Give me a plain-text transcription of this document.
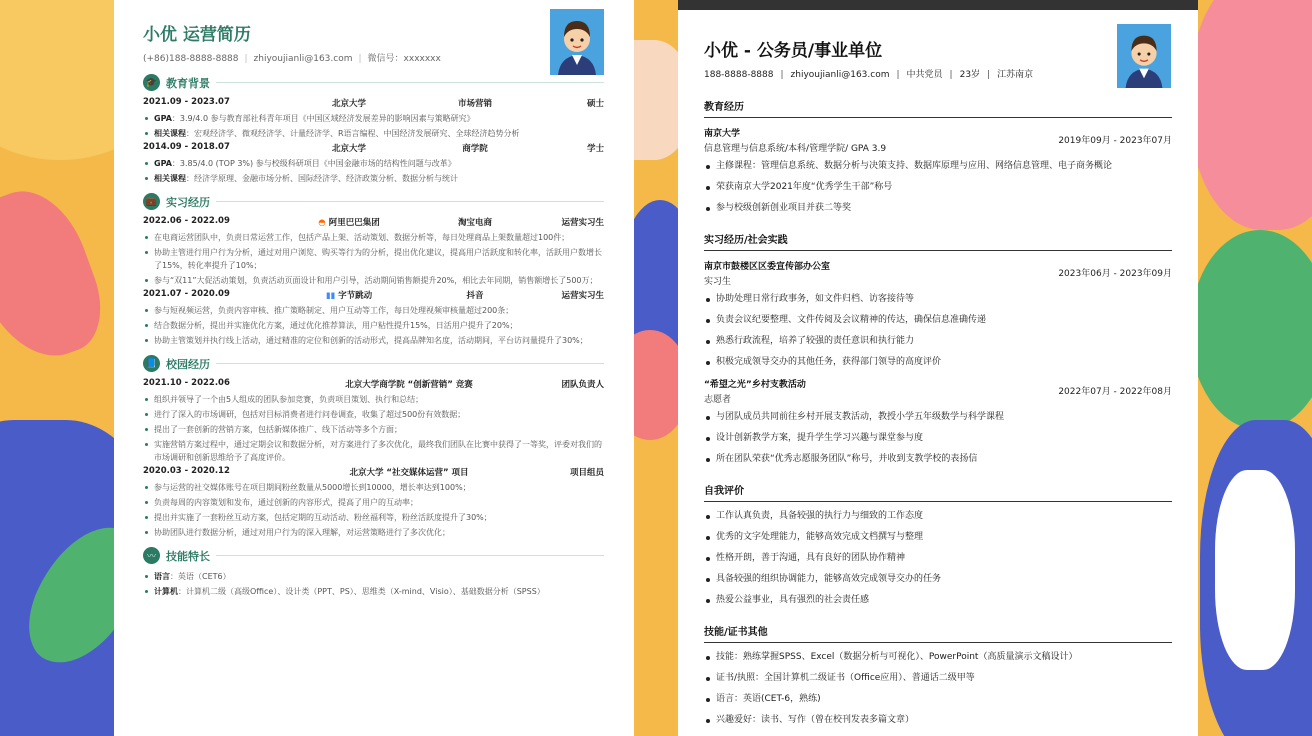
小优 运营简历
(+86)188-8888-8888 | zhiyoujianli@163.com | 微信号：xxxxxxx
🎓 教育背景
2021.09 - 2023.07	北京大学	市场营销	硕士
GPA：3.9/4.0 参与教育部社科青年项目《中国区域经济发展差异的影响因素与策略研究》
相关课程：宏观经济学、微观经济学、计量经济学、R语言编程、中国经济发展研究、全球经济趋势分析
2014.09 - 2018.07	北京大学	商学院	学士
GPA：3.85/4.0 (TOP 3%) 参与校级科研项目《中国金融市场的结构性问题与改革》
相关课程：经济学原理、金融市场分析、国际经济学、经济政策分析、数据分析与统计
💼 实习经历
2022.06 - 2022.09	◓ 阿里巴巴集团	淘宝电商	运营实习生
在电商运营团队中，负责日常运营工作，包括产品上架、活动策划、数据分析等，每日处理商品上架数量超过100件；
协助主管进行用户行为分析，通过对用户浏览、购买等行为的分析，提出优化建议，提高用户活跃度和转化率，活跃用户数增长了15%，转化率提升了10%；
参与“双11”大促活动策划，负责活动页面设计和用户引导，活动期间销售额提升20%，相比去年同期，销售额增长了500万；
2021.07 - 2020.09	▮▮ 字节跳动	抖音	运营实习生
参与短视频运营，负责内容审核、推广策略制定、用户互动等工作，每日处理视频审核量超过200条；
结合数据分析，提出并实施优化方案，通过优化推荐算法，用户粘性提升15%，日活用户提升了20%；
协助主管策划并执行线上活动，通过精准的定位和创新的活动形式，提高品牌知名度，活动期间，平台访问量提升了30%；
📘 校园经历
2021.10 - 2022.06	北京大学商学院 “创新营销” 竞赛	团队负责人
组织并领导了一个由5人组成的团队参加竞赛，负责项目策划、执行和总结；
进行了深入的市场调研，包括对目标消费者进行问卷调查，收集了超过500份有效数据；
提出了一套创新的营销方案，包括新媒体推广、线下活动等多个方面；
实施营销方案过程中，通过定期会议和数据分析，对方案进行了多次优化，最终我们团队在比赛中获得了一等奖，评委对我们的市场调研和创新思维给予了高度评价。
2020.03 - 2020.12	北京大学 “社交媒体运营” 项目	项目组员
参与运营的社交媒体账号在项目期间粉丝数量从5000增长到10000，增长率达到100%；
负责每周的内容策划和发布，通过创新的内容形式，提高了用户的互动率；
提出并实施了一套粉丝互动方案，包括定期的互动活动、粉丝福利等，粉丝活跃度提升了30%；
协助团队进行数据分析，通过对用户行为的深入理解，对运营策略进行了多次优化；
〰 技能特长
语言：英语（CET6）
计算机：计算机二级（高级Office）、设计类（PPT、PS）、思维类（X-mind、Visio）、基础数据分析（SPSS）
小优 - 公务员/事业单位
188-8888-8888 | zhiyoujianli@163.com | 中共党员 | 23岁 | 江苏南京
教育经历
南京大学
信息管理与信息系统/本科/管理学院/ GPA 3.9
2019年09月 - 2023年07月
主修课程：管理信息系统、数据分析与决策支持、数据库原理与应用、网络信息管理、电子商务概论
荣获南京大学2021年度“优秀学生干部”称号
参与校级创新创业项目并获二等奖
实习经历/社会实践
南京市鼓楼区区委宣传部办公室
实习生
2023年06月 - 2023年09月
协助处理日常行政事务，如文件归档、访客接待等
负责会议纪要整理、文件传阅及会议精神的传达，确保信息准确传递
熟悉行政流程，培养了较强的责任意识和执行能力
积极完成领导交办的其他任务，获得部门领导的高度评价
“希望之光”乡村支教活动
志愿者
2022年07月 - 2022年08月
与团队成员共同前往乡村开展支教活动，教授小学五年级数学与科学课程
设计创新教学方案，提升学生学习兴趣与课堂参与度
所在团队荣获“优秀志愿服务团队”称号，并收到支教学校的表扬信
自我评价
工作认真负责，具备较强的执行力与细致的工作态度
优秀的文字处理能力，能够高效完成文档撰写与整理
性格开朗，善于沟通，具有良好的团队协作精神
具备较强的组织协调能力，能够高效完成领导交办的任务
热爱公益事业，具有强烈的社会责任感
技能/证书其他
技能：熟练掌握SPSS、Excel（数据分析与可视化）、PowerPoint（高质量演示文稿设计）
证书/执照：全国计算机二级证书（Office应用）、普通话二级甲等
语言：英语(CET-6，熟练)
兴趣爱好：读书、写作（曾在校刊发表多篇文章）
